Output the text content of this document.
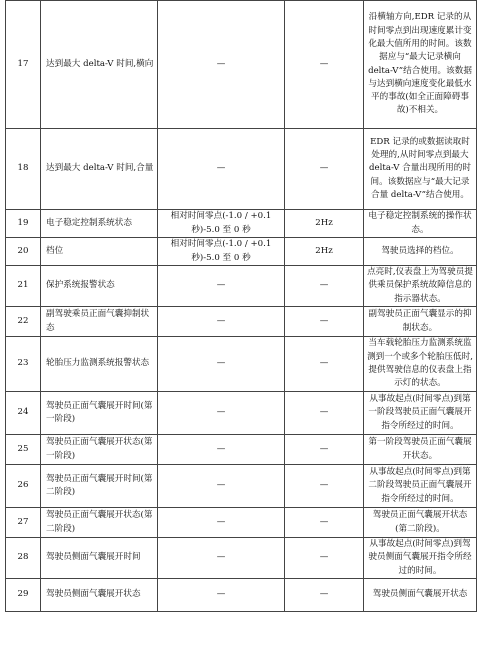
17	达到最大 delta-V 时间,横向	—	—	沿横轴方向,EDR 记录的从时间零点到出现速度累计变化最大值所用的时间。该数据应与“最大记录横向delta-V”结合使用。该数据与达到横向速度变化最低水平的事故(如全正面障碍事故)不相关。
18	达到最大 delta-V 时间,合量	—	—	EDR 记录的或数据读取时处理的,从时间零点到最大delta-V 合量出现所用的时间。该数据应与“最大记录合量 delta-V”结合使用。
19	电子稳定控制系统状态	相对时间零点(-1.0 / +0.1 秒)-5.0 至 0 秒	2Hz	电子稳定控制系统的操作状态。
20	档位	相对时间零点(-1.0 / +0.1 秒)-5.0 至 0 秒	2Hz	驾驶员选择的档位。
21	保护系统报警状态	—	—	点亮时,仪表盘上为驾驶员提供乘员保护系统故障信息的指示器状态。
22	副驾驶乘员正面气囊抑制状态	—	—	副驾驶员正面气囊显示的抑制状态。
23	轮胎压力监测系统报警状态	—	—	当车载轮胎压力监测系统监测到一个或多个轮胎压低时,提供驾驶信息的仪表盘上指示灯的状态。
24	驾驶员正面气囊展开时间(第一阶段)	—	—	从事故起点(时间零点)到第一阶段驾驶员正面气囊展开指令所经过的时间。
25	驾驶员正面气囊展开状态(第一阶段)	—	—	第一阶段驾驶员正面气囊展开状态。
26	驾驶员正面气囊展开时间(第二阶段)	—	—	从事故起点(时间零点)到第二阶段驾驶员正面气囊展开指令所经过的时间。
27	驾驶员正面气囊展开状态(第二阶段)	—	—	驾驶员正面气囊展开状态(第二阶段)。
28	驾驶员侧面气囊展开时间	—	—	从事故起点(时间零点)到驾驶员侧面气囊展开指令所经过的时间。
29	驾驶员侧面气囊展开状态	—	—	驾驶员侧面气囊展开状态
